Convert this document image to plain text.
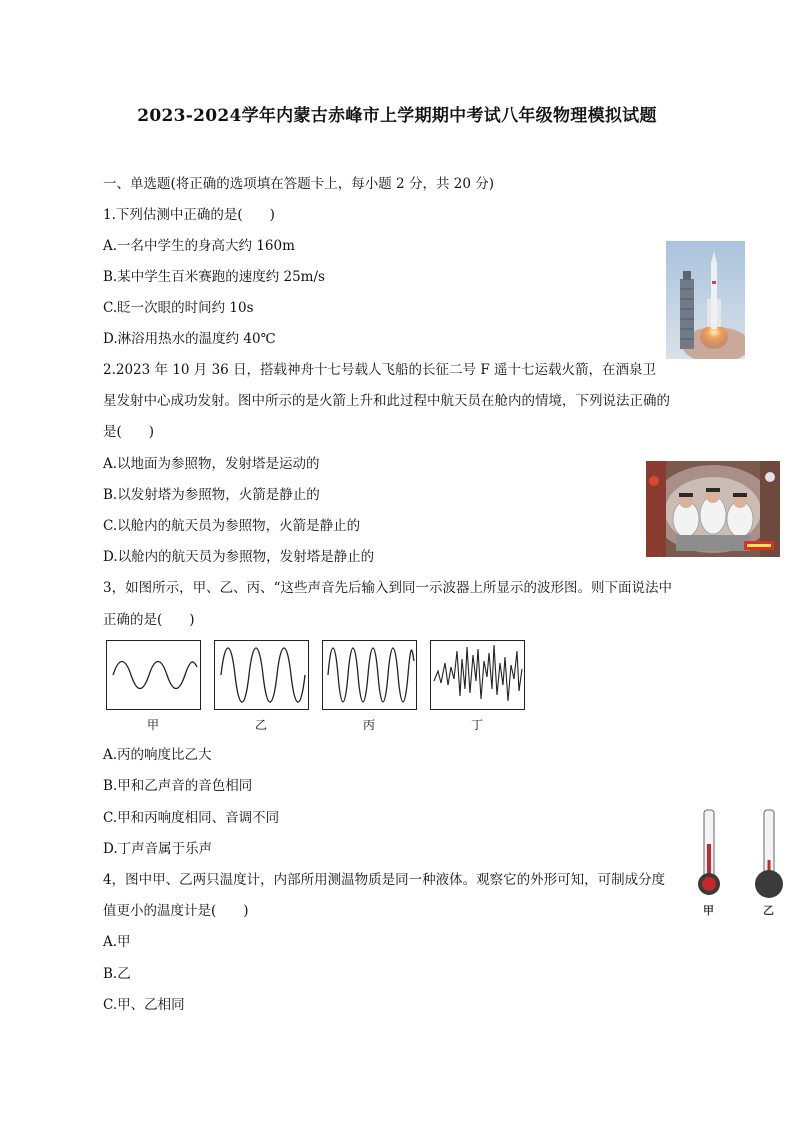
2023-2024学年内蒙古赤峰市上学期期中考试八年级物理模拟试题
一、单选题(将正确的选项填在答题卡上，每小题 2 分，共 20 分)
1.下列估测中正确的是(　　)
A.一名中学生的身高大约 160m
B.某中学生百米赛跑的速度约 25m/s
C.眨一次眼的时间约 10s
D.淋浴用热水的温度约 40℃
2.2023 年 10 月 36 日，搭载神舟十七号载人飞船的长征二号 F 遥十七运载火箭，在酒泉卫
星发射中心成功发射。图中所示的是火箭上升和此过程中航天员在舱内的情境，下列说法正确的
是(　　)
A.以地面为参照物，发射塔是运动的
B.以发射塔为参照物，火箭是静止的
C.以舱内的航天员为参照物，火箭是静止的
D.以舱内的航天员为参照物，发射塔是静止的
3，如图所示，甲、乙、丙、“这些声音先后输入到同一示波器上所显示的波形图。则下面说法中
正确的是(　　)
甲	乙	丙	丁
A.丙的响度比乙大
B.甲和乙声音的音色相同
C.甲和丙响度相同、音调不同
D.丁声音属于乐声
甲	乙
4，图中甲、乙两只温度计，内部所用测温物质是同一种液体。观察它的外形可知，可制成分度
值更小的温度计是(　　)
A.甲
B.乙
C.甲、乙相同
